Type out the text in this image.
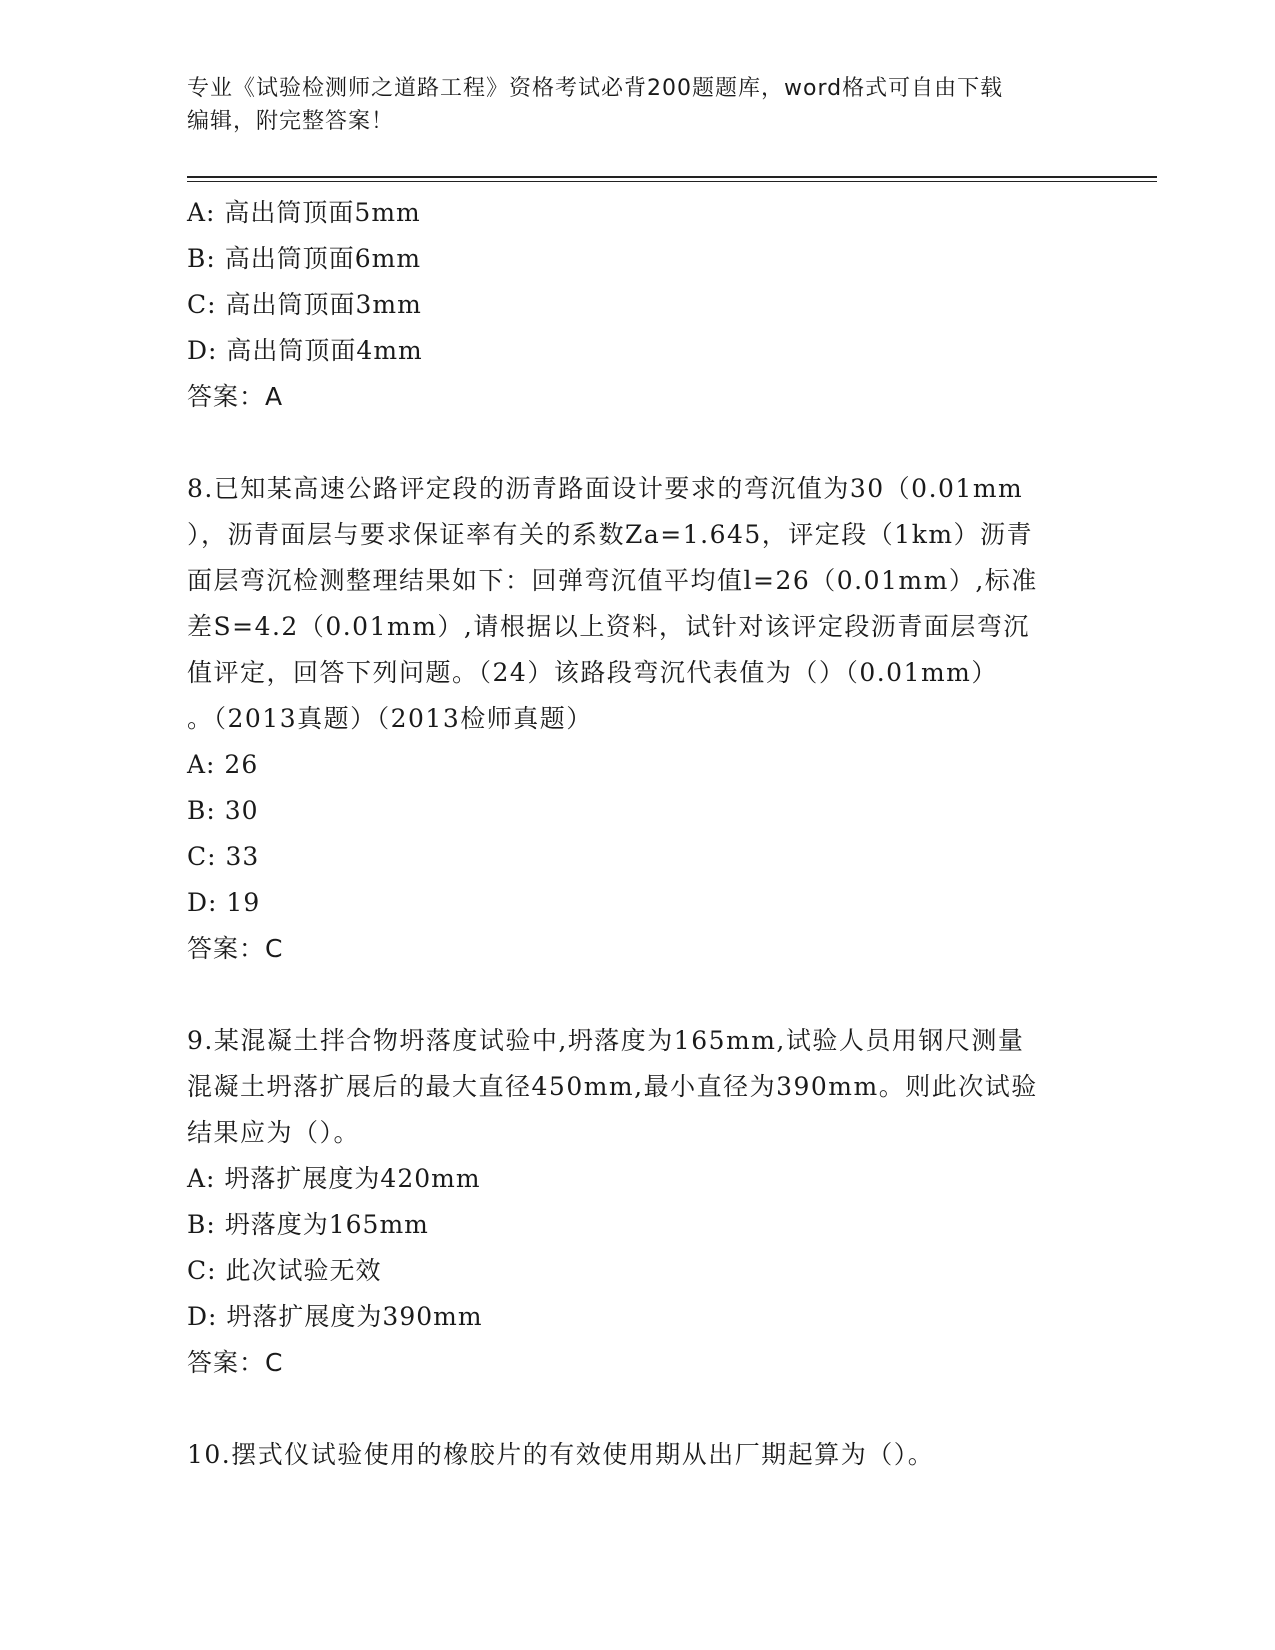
专业《试验检测师之道路工程》资格考试必背200题题库，word格式可自由下载
编辑，附完整答案！
A: 高出筒顶面5mm
B: 高出筒顶面6mm
C: 高出筒顶面3mm
D: 高出筒顶面4mm
答案：A
8.已知某高速公路评定段的沥青路面设计要求的弯沉值为30（0.01mm
），沥青面层与要求保证率有关的系数Za=1.645，评定段（1km）沥青
面层弯沉检测整理结果如下：回弹弯沉值平均值l=26（0.01mm）,标准
差S=4.2（0.01mm）,请根据以上资料，试针对该评定段沥青面层弯沉
值评定，回答下列问题。（24）该路段弯沉代表值为（）（0.01mm）
。（2013真题）（2013检师真题）
A: 26
B: 30
C: 33
D: 19
答案：C
9.某混凝土拌合物坍落度试验中,坍落度为165mm,试验人员用钢尺测量
混凝土坍落扩展后的最大直径450mm,最小直径为390mm。则此次试验
结果应为（）。
A: 坍落扩展度为420mm
B: 坍落度为165mm
C: 此次试验无效
D: 坍落扩展度为390mm
答案：C
10.摆式仪试验使用的橡胶片的有效使用期从出厂期起算为（）。
